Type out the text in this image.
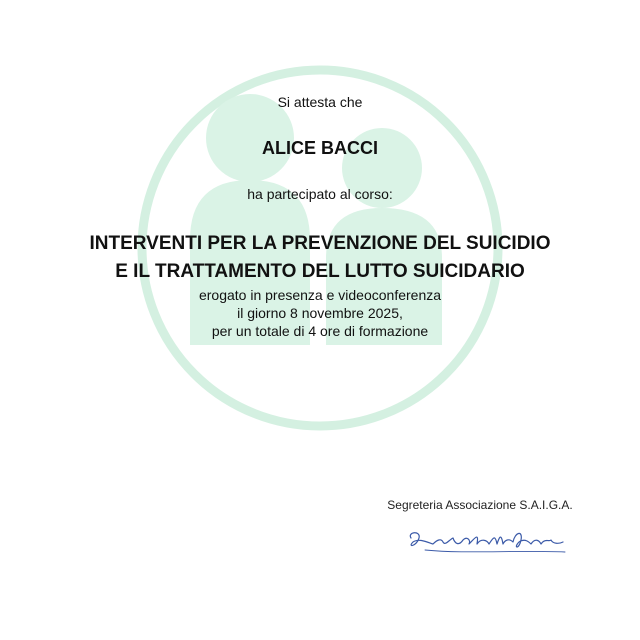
Si attesta che
ALICE BACCI
ha partecipato al corso:
INTERVENTI PER LA PREVENZIONE DEL SUICIDIO
E IL TRATTAMENTO DEL LUTTO SUICIDARIO
erogato in presenza e videoconferenza
il giorno 8 novembre 2025,
per un totale di 4 ore di formazione
Segreteria Associazione S.A.I.G.A.
